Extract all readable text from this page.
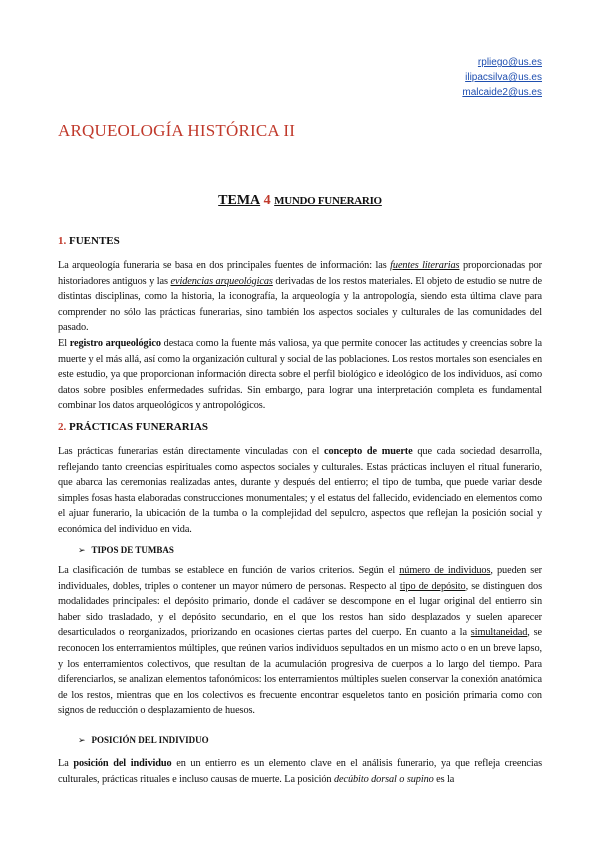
rpliego@us.es
ilipacsilva@us.es
malcaide2@us.es
ARQUEOLOGÍA HISTÓRICA II
TEMA 4 MUNDO FUNERARIO
1. FUENTES

La arqueología funeraria se basa en dos principales fuentes de información: las fuentes literarias proporcionadas por historiadores antiguos y las evidencias arqueológicas derivadas de los restos materiales. El objeto de estudio se nutre de distintas disciplinas, como la historia, la iconografía, la arqueología y la antropología, siendo esta última clave para comprender no sólo las prácticas funerarias, sino también los aspectos sociales y culturales de las comunidades del pasado.

El registro arqueológico destaca como la fuente más valiosa, ya que permite conocer las actitudes y creencias sobre la muerte y el más allá, así como la organización cultural y social de las poblaciones. Los restos mortales son esenciales en este estudio, ya que proporcionan información directa sobre el perfil biológico e ideológico de los individuos, así como datos sobre posibles enfermedades sufridas. Sin embargo, para lograr una interpretación completa es fundamental combinar los datos arqueológicos y antropológicos.

2. PRÁCTICAS FUNERARIAS

Las prácticas funerarias están directamente vinculadas con el concepto de muerte que cada sociedad desarrolla, reflejando tanto creencias espirituales como aspectos sociales y culturales. Estas prácticas incluyen el ritual funerario, que abarca las ceremonias realizadas antes, durante y después del entierro; el tipo de tumba, que puede variar desde simples fosas hasta elaboradas construcciones monumentales; y el estatus del fallecido, evidenciado en elementos como el ajuar funerario, la ubicación de la tumba o la complejidad del sepulcro, aspectos que reflejan la posición social y económica del individuo en vida.

➢ TIPOS DE TUMBAS

La clasificación de tumbas se establece en función de varios criterios. Según el número de individuos, pueden ser individuales, dobles, triples o contener un mayor número de personas. Respecto al tipo de depósito, se distinguen dos modalidades principales: el depósito primario, donde el cadáver se descompone en el lugar original del entierro sin haber sido trasladado, y el depósito secundario, en el que los restos han sido desplazados y suelen aparecer desarticulados o reorganizados, priorizando en ocasiones ciertas partes del cuerpo. En cuanto a la simultaneidad, se reconocen los enterramientos múltiples, que reúnen varios individuos sepultados en un mismo acto o en un breve lapso, y los enterramientos colectivos, que resultan de la acumulación progresiva de cuerpos a lo largo del tiempo. Para diferenciarlos, se analizan elementos tafonómicos: los enterramientos múltiples suelen conservar la conexión anatómica de los restos, mientras que en los colectivos es frecuente encontrar esqueletos tanto en posición primaria como con signos de reducción o desplazamiento de huesos.

➢ POSICIÓN DEL INDIVIDUO

La posición del individuo en un entierro es un elemento clave en el análisis funerario, ya que refleja creencias culturales, prácticas rituales e incluso causas de muerte. La posición decúbito dorsal o supino es la
